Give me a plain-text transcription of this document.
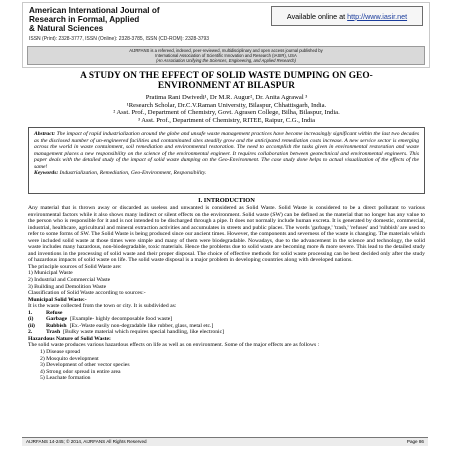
American International Journal of
Research in Formal, Applied
& Natural Sciences
ISSN (Print): 2328-3777, ISSN (Online): 2328-3785, ISSN (CD-ROM): 2328-3793
Available online at http://www.iasir.net
AIJRFANS is a refereed, indexed, peer-reviewed, multidisciplinary and open access journal published by
International Association of Scientific Innovation and Research (IASIR), USA
(An Association Unifying the Sciences, Engineering, and Applied Research)
A STUDY ON THE EFFECT OF SOLID WASTE DUMPING ON GEO-
ENVIRONMENT AT BILASPUR
Pratima Rani Dwivedi¹, Dr M.R. Augur², Dr. Anita Agrawal ³
¹Research Scholar, Dr.C.V.Raman University, Bilaspur, Chhattisgarh, India.
² Asst. Prof., Department of Chemistry, Govt. Agrasen College, Bilha, Bilaspur, India.
³ Asst. Prof., Department of Chemistry, RITEE, Raipur, C.G., India
Abstract: The impact of rapid industrialization around the globe and unsafe waste management practices have become increasingly significant within the last two decades as the disclosed number of un-engineered facilities and contaminated sites steadily grow and the anticipated remediation costs increase. A new service sector is emerging across the world in waste containment, soil remediation and environmental restoration. The need to accomplish the tasks given in environmental restoration and waste management places a new responsibility on the science of the environmental engineer. It requires collaboration between geotechnical and environmental engineers. This paper deals with the detailed study of the impact of solid waste dumping on the Geo-Environment. The case study done helps to actual visualization of the effects of the same!
Keywords: Industrialization, Remediation, Geo-Environment, Responsibility.
I. INTRODUCTION

Any material that is thrown away or discarded as useless and unwanted is considered as Solid Waste. Solid Waste is considered to be a direct pollutant to various environmental factors while it also shows many indirect or silent effects on the environment. Solid waste (SW) can be defined as the material that no longer has any value to the person who is responsible for it and is not intended to be discharged through a pipe. It does not normally include human excreta. It is generated by domestic, commercial, industrial, healthcare, agricultural and mineral extraction activities and accumulates in streets and public places. The words 'garbage,' 'trash,' 'refuses' and 'rubbish' are used to refer to some forms of SW. The Solid Waste is being produced since our ancient times. However, the components and severness of the waste is changing. The materials which were included solid waste at those times were simple and many of them were biodegradable. Nowadays, due to the advancement in the science and technology, the solid waste includes many hazardous, non-biodegradable, toxic materials. Hence the problems due to solid waste are becoming more & more severe. This lead to the detailed study and inventions in the processing of solid waste and their proper disposal. The choice of effective methods for solid waste processing can be best decided only after the study of hazardous impacts of solid waste on life. The solid waste disposal is a major problem in developing countries along with developed nations.

The principle sources of Solid Waste are:
1) Municipal Waste
2) Industrial and Commercial Waste
3) Building and Demolition Waste
Classification of Solid Waste according to sources:-
Municipal Solid Waste:-
It is the waste collected from the town or city. It is subdivided as:
1.	Refuse
(i)	Garbage [Example- highly decomposable food waste]
(ii)	Rubbish [Ex.-Waste easily non-degradable like rubber, glass, metal etc.]
2.	Trash [Bulky waste material which requires special handling, like electronic]
Hazardous Nature of Solid Waste:

The solid waste produces various hazardous effects on life as well as on environment. Some of the major effects are as follows :

1) Disease spread
2) Mosquito development
3) Development of other vector species
4) Strong odor spread in entire area
5) Leachate formation
AIJRFANS 14-245; © 2014, AIJRFANS All Rights Reserved	Page 86
